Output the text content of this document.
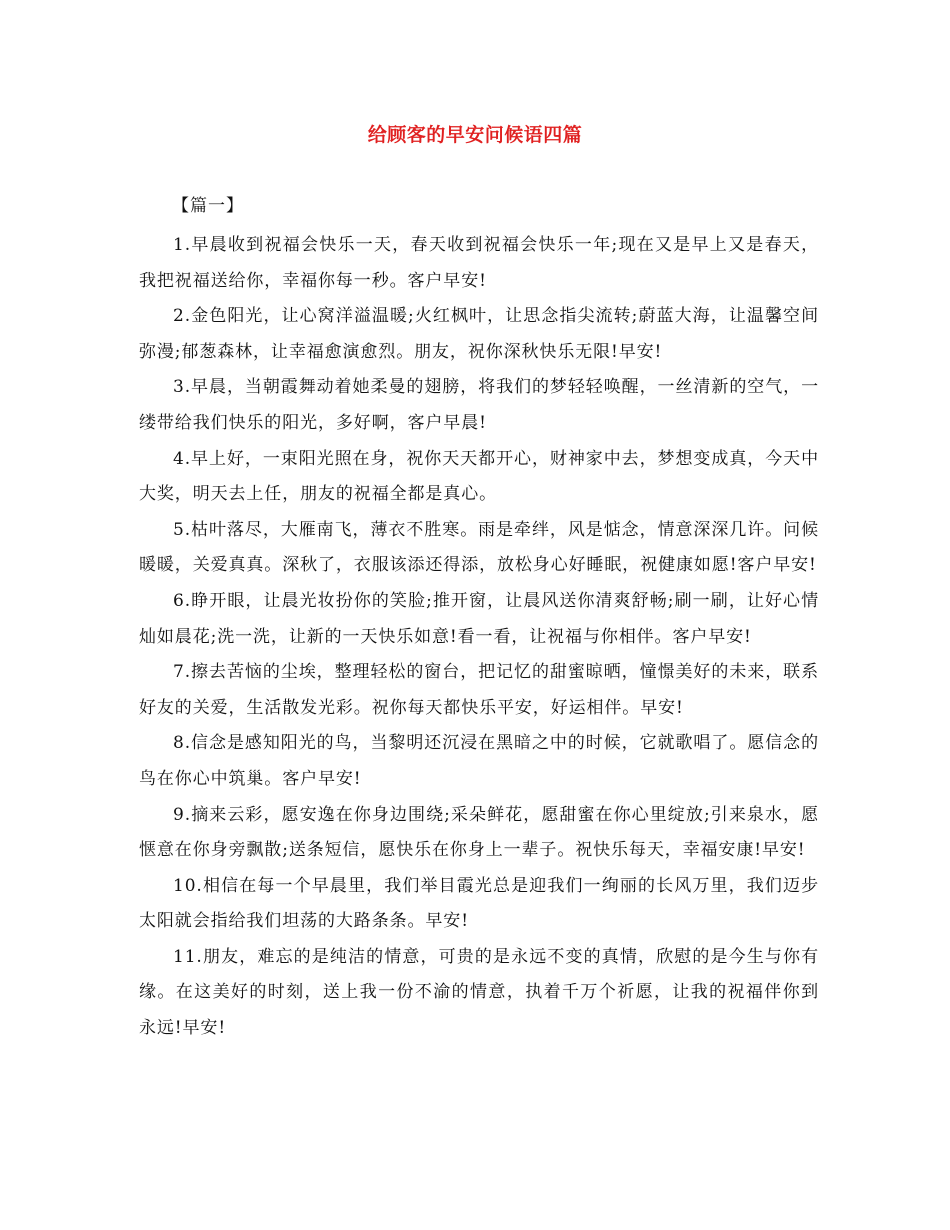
给顾客的早安问候语四篇
【篇一】

1.早晨收到祝福会快乐一天，春天收到祝福会快乐一年;现在又是早上又是春天，我把祝福送给你，幸福你每一秒。客户早安!

2.金色阳光，让心窝洋溢温暖;火红枫叶，让思念指尖流转;蔚蓝大海，让温馨空间弥漫;郁葱森林，让幸福愈演愈烈。朋友，祝你深秋快乐无限!早安!

3.早晨，当朝霞舞动着她柔曼的翅膀，将我们的梦轻轻唤醒，一丝清新的空气，一缕带给我们快乐的阳光，多好啊，客户早晨!

4.早上好，一束阳光照在身，祝你天天都开心，财神家中去，梦想变成真，今天中大奖，明天去上任，朋友的祝福全都是真心。

5.枯叶落尽，大雁南飞，薄衣不胜寒。雨是牵绊，风是惦念，情意深深几许。问候暖暖，关爱真真。深秋了，衣服该添还得添，放松身心好睡眠，祝健康如愿!客户早安!

6.睁开眼，让晨光妆扮你的笑脸;推开窗，让晨风送你清爽舒畅;刷一刷，让好心情灿如晨花;洗一洗，让新的一天快乐如意!看一看，让祝福与你相伴。客户早安!

7.擦去苦恼的尘埃，整理轻松的窗台，把记忆的甜蜜晾晒，憧憬美好的未来，联系好友的关爱，生活散发光彩。祝你每天都快乐平安，好运相伴。早安!

8.信念是感知阳光的鸟，当黎明还沉浸在黑暗之中的时候，它就歌唱了。愿信念的鸟在你心中筑巢。客户早安!

9.摘来云彩，愿安逸在你身边围绕;采朵鲜花，愿甜蜜在你心里绽放;引来泉水，愿惬意在你身旁飘散;送条短信，愿快乐在你身上一辈子。祝快乐每天，幸福安康!早安!

10.相信在每一个早晨里，我们举目霞光总是迎我们一绚丽的长风万里，我们迈步太阳就会指给我们坦荡的大路条条。早安!

11.朋友，难忘的是纯洁的情意，可贵的是永远不变的真情，欣慰的是今生与你有缘。在这美好的时刻，送上我一份不渝的情意，执着千万个祈愿，让我的祝福伴你到永远!早安!
